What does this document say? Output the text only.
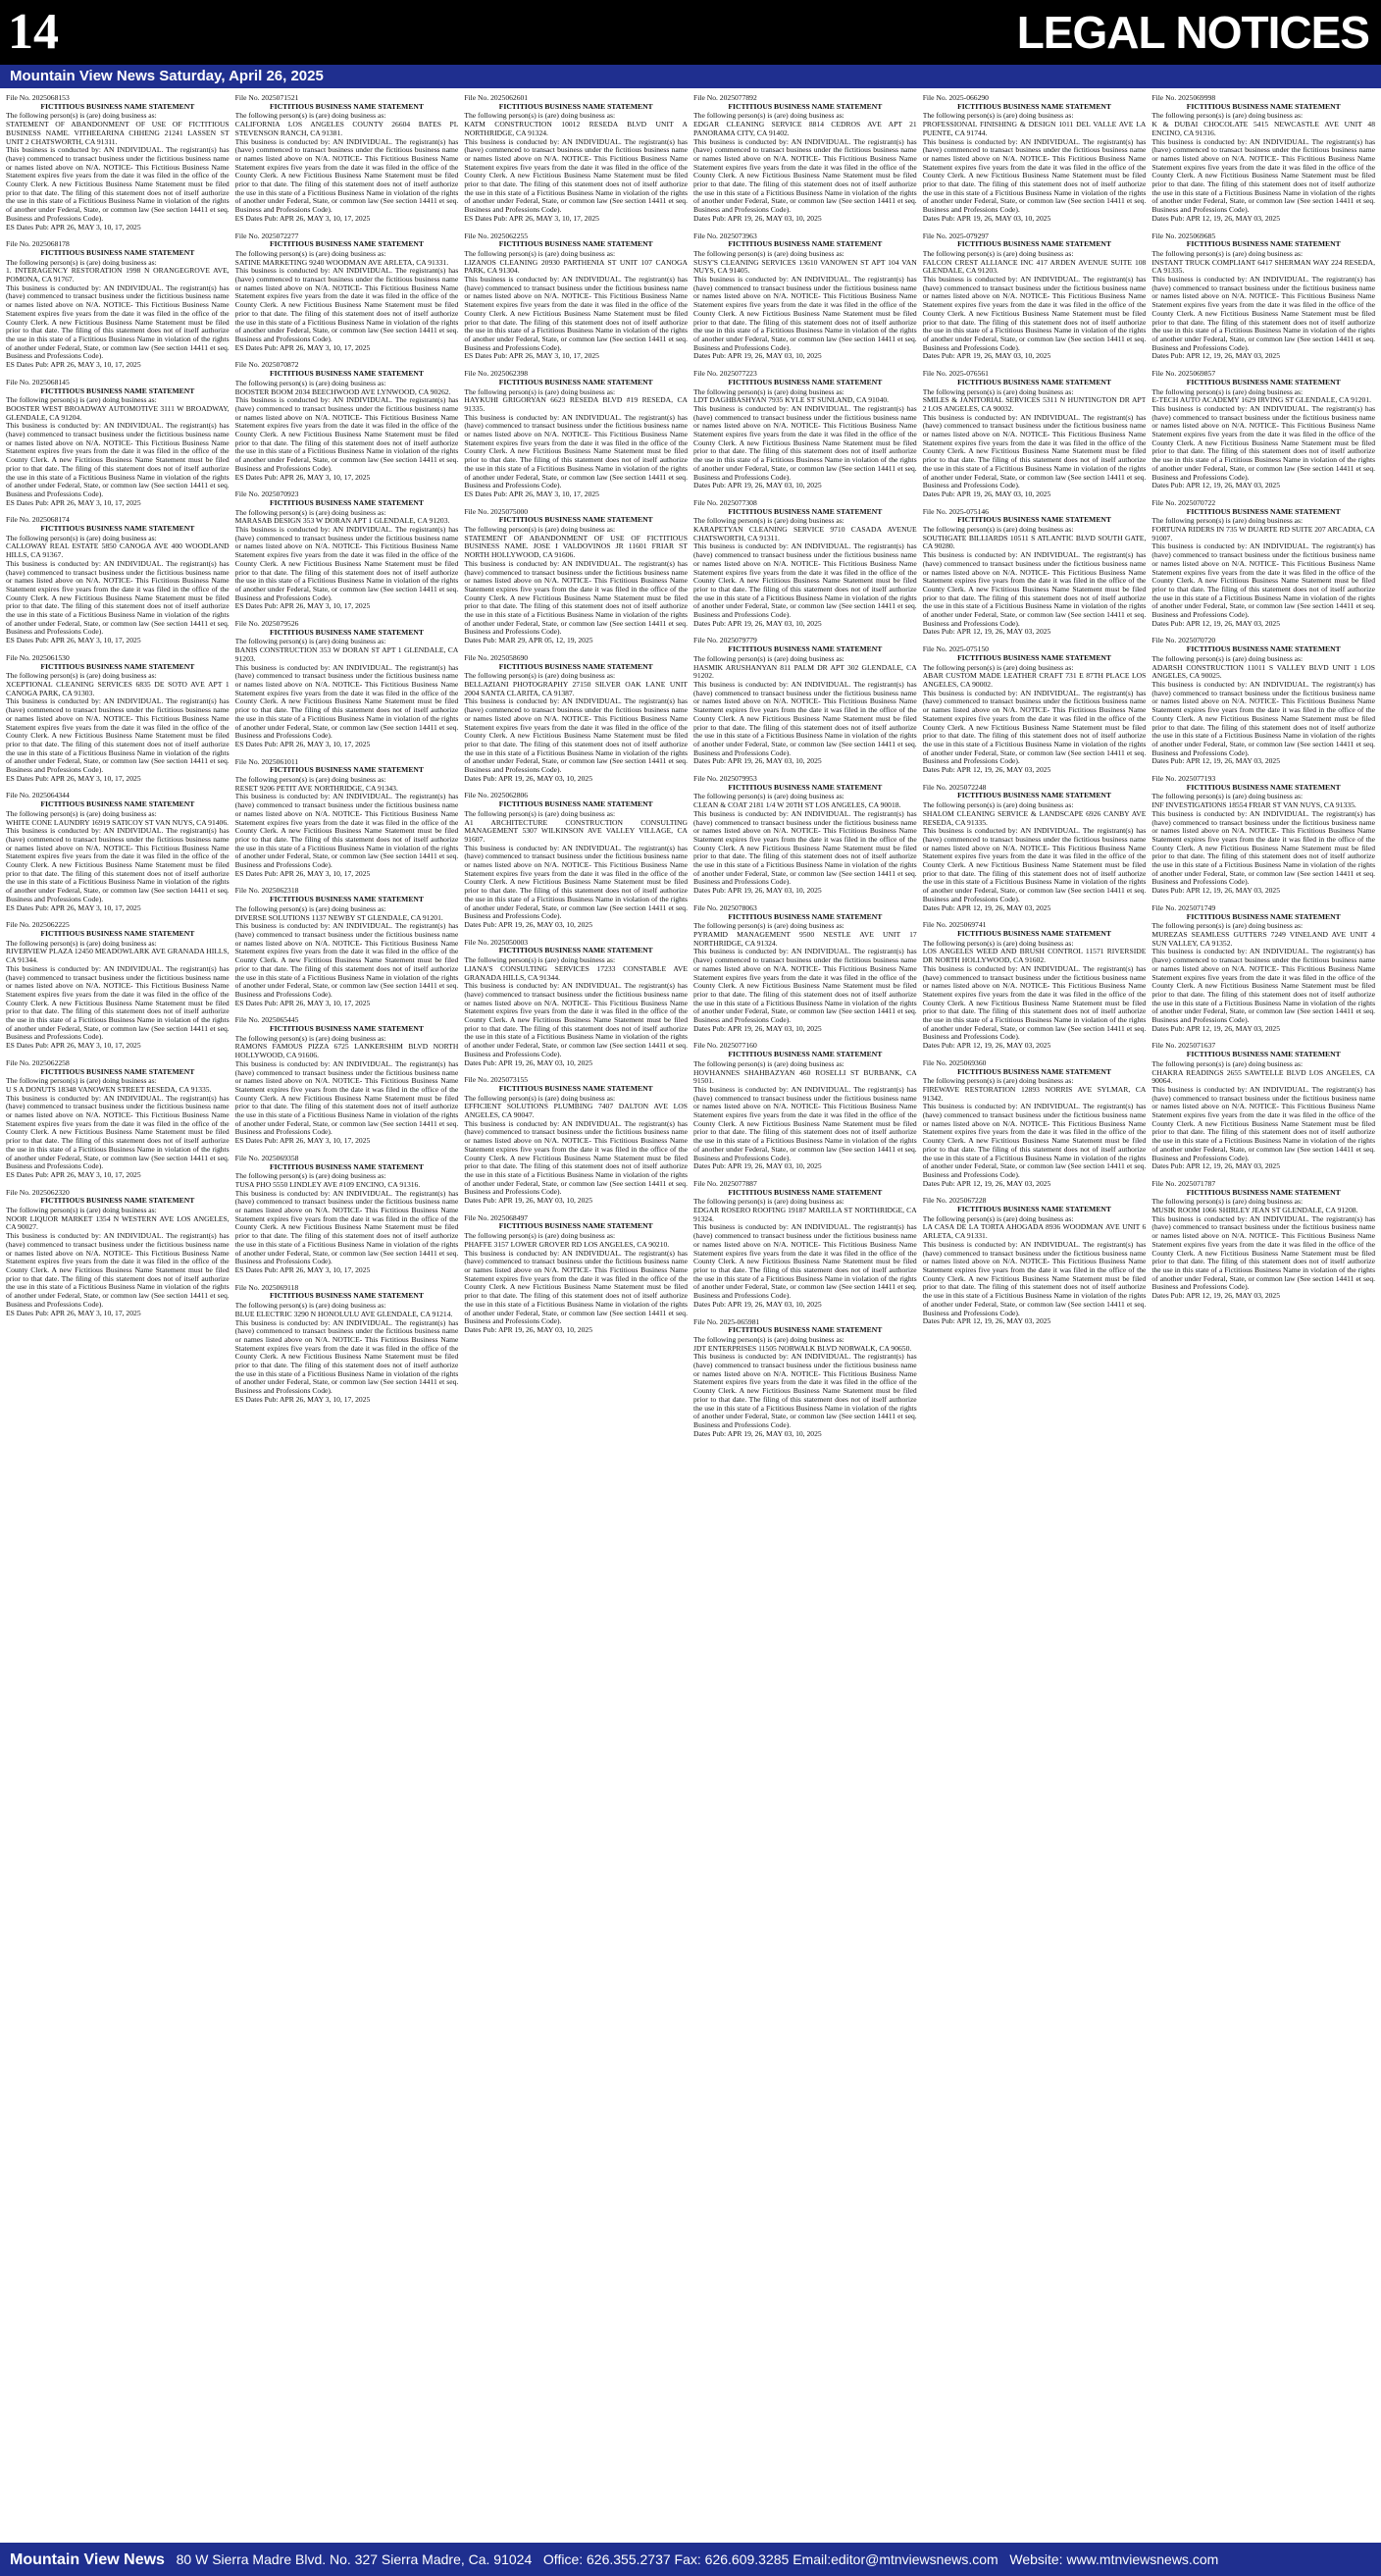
14	LEGAL NOTICES
Mountain View News Saturday, April 26, 2025

File No. 2025068153

FICTITIOUS BUSINESS NAME STATEMENT

The following person(s) is (are) doing business as:

STATEMENT OF ABANDONMENT OF USE OF FICTITIOUS BUSINESS NAME. VITHEEARINA CHHENG 21241 LASSEN ST UNIT 2 CHATSWORTH, CA 91311.

This business is conducted by: AN INDIVIDUAL. The registrant(s) has (have) commenced to transact business under the fictitious business name or names listed above on N/A. NOTICE- This Fictitious Business Name Statement expires five years from the date it was filed in the office of the County Clerk. A new Fictitious Business Name Statement must be filed prior to that date. The filing of this statement does not of itself authorize the use in this state of a Fictitious Business Name in violation of the rights of another under Federal, State, or common law (See section 14411 et seq. Business and Professions Code).

ES Dates Pub: APR 26, MAY 3, 10, 17, 2025

File No. 2025068178

FICTITIOUS BUSINESS NAME STATEMENT

The following person(s) is (are) doing business as:

1. INTERAGENCY RESTORATION 1998 N ORANGEGROVE AVE, POMONA, CA 91767.

This business is conducted by: AN INDIVIDUAL. The registrant(s) has (have) commenced to transact business under the fictitious business name or names listed above on N/A. NOTICE- This Fictitious Business Name Statement expires five years from the date it was filed in the office of the County Clerk. A new Fictitious Business Name Statement must be filed prior to that date. The filing of this statement does not of itself authorize the use in this state of a Fictitious Business Name in violation of the rights of another under Federal, State, or common law (See section 14411 et seq. Business and Professions Code).

ES Dates Pub: APR 26, MAY 3, 10, 17, 2025

File No. 2025068145

FICTITIOUS BUSINESS NAME STATEMENT

The following person(s) is (are) doing business as:

BOOSTER WEST BROADWAY AUTOMOTIVE 3111 W BROADWAY, GLENDALE, CA 91204.

This business is conducted by: AN INDIVIDUAL. The registrant(s) has (have) commenced to transact business under the fictitious business name or names listed above on N/A. NOTICE- This Fictitious Business Name Statement expires five years from the date it was filed in the office of the County Clerk. A new Fictitious Business Name Statement must be filed prior to that date. The filing of this statement does not of itself authorize the use in this state of a Fictitious Business Name in violation of the rights of another under Federal, State, or common law (See section 14411 et seq. Business and Professions Code).

ES Dates Pub: APR 26, MAY 3, 10, 17, 2025

File No. 2025068174

FICTITIOUS BUSINESS NAME STATEMENT

The following person(s) is (are) doing business as:

CALLOWAY REAL ESTATE 5850 CANOGA AVE 400 WOODLAND HILLS, CA 91367.

This business is conducted by: AN INDIVIDUAL. The registrant(s) has (have) commenced to transact business under the fictitious business name or names listed above on N/A. NOTICE- This Fictitious Business Name Statement expires five years from the date it was filed in the office of the County Clerk. A new Fictitious Business Name Statement must be filed prior to that date. The filing of this statement does not of itself authorize the use in this state of a Fictitious Business Name in violation of the rights of another under Federal, State, or common law (See section 14411 et seq. Business and Professions Code).

ES Dates Pub: APR 26, MAY 3, 10, 17, 2025

File No. 2025061530

FICTITIOUS BUSINESS NAME STATEMENT

The following person(s) is (are) doing business as:

XCEPTIONAL CLEANING SERVICES 6835 DE SOTO AVE APT 1 CANOGA PARK, CA 91303.

This business is conducted by: AN INDIVIDUAL. The registrant(s) has (have) commenced to transact business under the fictitious business name or names listed above on N/A. NOTICE- This Fictitious Business Name Statement expires five years from the date it was filed in the office of the County Clerk. A new Fictitious Business Name Statement must be filed prior to that date. The filing of this statement does not of itself authorize the use in this state of a Fictitious Business Name in violation of the rights of another under Federal, State, or common law (See section 14411 et seq. Business and Professions Code).

ES Dates Pub: APR 26, MAY 3, 10, 17, 2025

File No. 2025064344

FICTITIOUS BUSINESS NAME STATEMENT

The following person(s) is (are) doing business as:

WHITE CONE LAUNDRY 16919 SATICOY ST VAN NUYS, CA 91406.

This business is conducted by: AN INDIVIDUAL. The registrant(s) has (have) commenced to transact business under the fictitious business name or names listed above on N/A. NOTICE- This Fictitious Business Name Statement expires five years from the date it was filed in the office of the County Clerk. A new Fictitious Business Name Statement must be filed prior to that date. The filing of this statement does not of itself authorize the use in this state of a Fictitious Business Name in violation of the rights of another under Federal, State, or common law (See section 14411 et seq. Business and Professions Code).

ES Dates Pub: APR 26, MAY 3, 10, 17, 2025

File No. 2025062225

FICTITIOUS BUSINESS NAME STATEMENT

The following person(s) is (are) doing business as:

RIVERVIEW PLAZA 12450 MEADOWLARK AVE GRANADA HILLS, CA 91344.

This business is conducted by: AN INDIVIDUAL. The registrant(s) has (have) commenced to transact business under the fictitious business name or names listed above on N/A. NOTICE- This Fictitious Business Name Statement expires five years from the date it was filed in the office of the County Clerk. A new Fictitious Business Name Statement must be filed prior to that date. The filing of this statement does not of itself authorize the use in this state of a Fictitious Business Name in violation of the rights of another under Federal, State, or common law (See section 14411 et seq. Business and Professions Code).

ES Dates Pub: APR 26, MAY 3, 10, 17, 2025

File No. 2025062258

FICTITIOUS BUSINESS NAME STATEMENT

The following person(s) is (are) doing business as:

U S A DONUTS 18348 VANOWEN STREET RESEDA, CA 91335.

This business is conducted by: AN INDIVIDUAL. The registrant(s) has (have) commenced to transact business under the fictitious business name or names listed above on N/A. NOTICE- This Fictitious Business Name Statement expires five years from the date it was filed in the office of the County Clerk. A new Fictitious Business Name Statement must be filed prior to that date. The filing of this statement does not of itself authorize the use in this state of a Fictitious Business Name in violation of the rights of another under Federal, State, or common law (See section 14411 et seq. Business and Professions Code).

ES Dates Pub: APR 26, MAY 3, 10, 17, 2025

File No. 2025062320

FICTITIOUS BUSINESS NAME STATEMENT

The following person(s) is (are) doing business as:

NOOR LIQUOR MARKET 1354 N WESTERN AVE LOS ANGELES, CA 90027.

This business is conducted by: AN INDIVIDUAL. The registrant(s) has (have) commenced to transact business under the fictitious business name or names listed above on N/A. NOTICE- This Fictitious Business Name Statement expires five years from the date it was filed in the office of the County Clerk. A new Fictitious Business Name Statement must be filed prior to that date. The filing of this statement does not of itself authorize the use in this state of a Fictitious Business Name in violation of the rights of another under Federal, State, or common law (See section 14411 et seq. Business and Professions Code).

ES Dates Pub: APR 26, MAY 3, 10, 17, 2025

File No. 2025071521

FICTITIOUS BUSINESS NAME STATEMENT

The following person(s) is (are) doing business as:

CALIFORNIA LOS ANGELES COUNTY 26604 BATES PL STEVENSON RANCH, CA 91381.

This business is conducted by: AN INDIVIDUAL. The registrant(s) has (have) commenced to transact business under the fictitious business name or names listed above on N/A. NOTICE- This Fictitious Business Name Statement expires five years from the date it was filed in the office of the County Clerk. A new Fictitious Business Name Statement must be filed prior to that date. The filing of this statement does not of itself authorize the use in this state of a Fictitious Business Name in violation of the rights of another under Federal, State, or common law (See section 14411 et seq. Business and Professions Code).

ES Dates Pub: APR 26, MAY 3, 10, 17, 2025

File No. 2025072277

FICTITIOUS BUSINESS NAME STATEMENT

The following person(s) is (are) doing business as:

SATINE MARKETING 9240 WOODMAN AVE ARLETA, CA 91331.

This business is conducted by: AN INDIVIDUAL. The registrant(s) has (have) commenced to transact business under the fictitious business name or names listed above on N/A. NOTICE- This Fictitious Business Name Statement expires five years from the date it was filed in the office of the County Clerk. A new Fictitious Business Name Statement must be filed prior to that date. The filing of this statement does not of itself authorize the use in this state of a Fictitious Business Name in violation of the rights of another under Federal, State, or common law (See section 14411 et seq. Business and Professions Code).

ES Dates Pub: APR 26, MAY 3, 10, 17, 2025

File No. 2025070872

FICTITIOUS BUSINESS NAME STATEMENT

The following person(s) is (are) doing business as:

BOOSTER BOOM 2034 BEECHWOOD AVE LYNWOOD, CA 90262.

This business is conducted by: AN INDIVIDUAL. The registrant(s) has (have) commenced to transact business under the fictitious business name or names listed above on N/A. NOTICE- This Fictitious Business Name Statement expires five years from the date it was filed in the office of the County Clerk. A new Fictitious Business Name Statement must be filed prior to that date. The filing of this statement does not of itself authorize the use in this state of a Fictitious Business Name in violation of the rights of another under Federal, State, or common law (See section 14411 et seq. Business and Professions Code).

ES Dates Pub: APR 26, MAY 3, 10, 17, 2025

File No. 2025070923

FICTITIOUS BUSINESS NAME STATEMENT

The following person(s) is (are) doing business as:

MARASAB DESIGN 353 W DORAN APT 1 GLENDALE, CA 91203.

This business is conducted by: AN INDIVIDUAL. The registrant(s) has (have) commenced to transact business under the fictitious business name or names listed above on N/A. NOTICE- This Fictitious Business Name Statement expires five years from the date it was filed in the office of the County Clerk. A new Fictitious Business Name Statement must be filed prior to that date. The filing of this statement does not of itself authorize the use in this state of a Fictitious Business Name in violation of the rights of another under Federal, State, or common law (See section 14411 et seq. Business and Professions Code).

ES Dates Pub: APR 26, MAY 3, 10, 17, 2025

File No. 2025079526

FICTITIOUS BUSINESS NAME STATEMENT

The following person(s) is (are) doing business as:

BANIS CONSTRUCTION 353 W DORAN ST APT 1 GLENDALE, CA 91203.

This business is conducted by: AN INDIVIDUAL. The registrant(s) has (have) commenced to transact business under the fictitious business name or names listed above on N/A. NOTICE- This Fictitious Business Name Statement expires five years from the date it was filed in the office of the County Clerk. A new Fictitious Business Name Statement must be filed prior to that date. The filing of this statement does not of itself authorize the use in this state of a Fictitious Business Name in violation of the rights of another under Federal, State, or common law (See section 14411 et seq. Business and Professions Code).

ES Dates Pub: APR 26, MAY 3, 10, 17, 2025

File No. 2025061011

FICTITIOUS BUSINESS NAME STATEMENT

The following person(s) is (are) doing business as:

RESET 9206 PETIT AVE NORTHRIDGE, CA 91343.

This business is conducted by: AN INDIVIDUAL. The registrant(s) has (have) commenced to transact business under the fictitious business name or names listed above on N/A. NOTICE- This Fictitious Business Name Statement expires five years from the date it was filed in the office of the County Clerk. A new Fictitious Business Name Statement must be filed prior to that date. The filing of this statement does not of itself authorize the use in this state of a Fictitious Business Name in violation of the rights of another under Federal, State, or common law (See section 14411 et seq. Business and Professions Code).

ES Dates Pub: APR 26, MAY 3, 10, 17, 2025

File No. 2025062318

FICTITIOUS BUSINESS NAME STATEMENT

The following person(s) is (are) doing business as:

DIVERSE SOLUTIONS 1137 NEWBY ST GLENDALE, CA 91201.

This business is conducted by: AN INDIVIDUAL. The registrant(s) has (have) commenced to transact business under the fictitious business name or names listed above on N/A. NOTICE- This Fictitious Business Name Statement expires five years from the date it was filed in the office of the County Clerk. A new Fictitious Business Name Statement must be filed prior to that date. The filing of this statement does not of itself authorize the use in this state of a Fictitious Business Name in violation of the rights of another under Federal, State, or common law (See section 14411 et seq. Business and Professions Code).

ES Dates Pub: APR 26, MAY 3, 10, 17, 2025

File No. 2025065445

FICTITIOUS BUSINESS NAME STATEMENT

The following person(s) is (are) doing business as:

RAMONS FAMOUS PIZZA 6725 LANKERSHIM BLVD NORTH HOLLYWOOD, CA 91606.

This business is conducted by: AN INDIVIDUAL. The registrant(s) has (have) commenced to transact business under the fictitious business name or names listed above on N/A. NOTICE- This Fictitious Business Name Statement expires five years from the date it was filed in the office of the County Clerk. A new Fictitious Business Name Statement must be filed prior to that date. The filing of this statement does not of itself authorize the use in this state of a Fictitious Business Name in violation of the rights of another under Federal, State, or common law (See section 14411 et seq. Business and Professions Code).

ES Dates Pub: APR 26, MAY 3, 10, 17, 2025

File No. 2025069358

FICTITIOUS BUSINESS NAME STATEMENT

The following person(s) is (are) doing business as:

TUSA PHO 5550 LINDLEY AVE #109 ENCINO, CA 91316.

This business is conducted by: AN INDIVIDUAL. The registrant(s) has (have) commenced to transact business under the fictitious business name or names listed above on N/A. NOTICE- This Fictitious Business Name Statement expires five years from the date it was filed in the office of the County Clerk. A new Fictitious Business Name Statement must be filed prior to that date. The filing of this statement does not of itself authorize the use in this state of a Fictitious Business Name in violation of the rights of another under Federal, State, or common law (See section 14411 et seq. Business and Professions Code).

ES Dates Pub: APR 26, MAY 3, 10, 17, 2025

File No. 2025069118

FICTITIOUS BUSINESS NAME STATEMENT

The following person(s) is (are) doing business as:

BLUE ELECTRIC 3290 N HONOLULU AVE GLENDALE, CA 91214.

This business is conducted by: AN INDIVIDUAL. The registrant(s) has (have) commenced to transact business under the fictitious business name or names listed above on N/A. NOTICE- This Fictitious Business Name Statement expires five years from the date it was filed in the office of the County Clerk. A new Fictitious Business Name Statement must be filed prior to that date. The filing of this statement does not of itself authorize the use in this state of a Fictitious Business Name in violation of the rights of another under Federal, State, or common law (See section 14411 et seq. Business and Professions Code).

ES Dates Pub: APR 26, MAY 3, 10, 17, 2025

File No. 2025062601

FICTITIOUS BUSINESS NAME STATEMENT

The following person(s) is (are) doing business as:

KATM CONSTRUCTION 10012 RESEDA BLVD UNIT A NORTHRIDGE, CA 91324.

This business is conducted by: AN INDIVIDUAL. The registrant(s) has (have) commenced to transact business under the fictitious business name or names listed above on N/A. NOTICE- This Fictitious Business Name Statement expires five years from the date it was filed in the office of the County Clerk. A new Fictitious Business Name Statement must be filed prior to that date. The filing of this statement does not of itself authorize the use in this state of a Fictitious Business Name in violation of the rights of another under Federal, State, or common law (See section 14411 et seq. Business and Professions Code).

ES Dates Pub: APR 26, MAY 3, 10, 17, 2025

File No. 2025062255

FICTITIOUS BUSINESS NAME STATEMENT

The following person(s) is (are) doing business as:

LIZANOS CLEANING 20930 PARTHENIA ST UNIT 107 CANOGA PARK, CA 91304.

This business is conducted by: AN INDIVIDUAL. The registrant(s) has (have) commenced to transact business under the fictitious business name or names listed above on N/A. NOTICE- This Fictitious Business Name Statement expires five years from the date it was filed in the office of the County Clerk. A new Fictitious Business Name Statement must be filed prior to that date. The filing of this statement does not of itself authorize the use in this state of a Fictitious Business Name in violation of the rights of another under Federal, State, or common law (See section 14411 et seq. Business and Professions Code).

ES Dates Pub: APR 26, MAY 3, 10, 17, 2025

File No. 2025062398

FICTITIOUS BUSINESS NAME STATEMENT

The following person(s) is (are) doing business as:

HAYKUHI GRIGORYAN 6623 RESEDA BLVD #19 RESEDA, CA 91335.

This business is conducted by: AN INDIVIDUAL. The registrant(s) has (have) commenced to transact business under the fictitious business name or names listed above on N/A. NOTICE- This Fictitious Business Name Statement expires five years from the date it was filed in the office of the County Clerk. A new Fictitious Business Name Statement must be filed prior to that date. The filing of this statement does not of itself authorize the use in this state of a Fictitious Business Name in violation of the rights of another under Federal, State, or common law (See section 14411 et seq. Business and Professions Code).

ES Dates Pub: APR 26, MAY 3, 10, 17, 2025

File No. 2025075000

FICTITIOUS BUSINESS NAME STATEMENT

The following person(s) is (are) doing business as:

STATEMENT OF ABANDONMENT OF USE OF FICTITIOUS BUSINESS NAME. JOSE I VALDOVINOS JR 11601 FRIAR ST NORTH HOLLYWOOD, CA 91606.

This business is conducted by: AN INDIVIDUAL. The registrant(s) has (have) commenced to transact business under the fictitious business name or names listed above on N/A. NOTICE- This Fictitious Business Name Statement expires five years from the date it was filed in the office of the County Clerk. A new Fictitious Business Name Statement must be filed prior to that date. The filing of this statement does not of itself authorize the use in this state of a Fictitious Business Name in violation of the rights of another under Federal, State, or common law (See section 14411 et seq. Business and Professions Code).

Dates Pub: MAR 29, APR 05, 12, 19, 2025

File No. 2025058690

FICTITIOUS BUSINESS NAME STATEMENT

The following person(s) is (are) doing business as:

BELLAZIANI PHOTOGRAPHY 27150 SILVER OAK LANE UNIT 2004 SANTA CLARITA, CA 91387.

This business is conducted by: AN INDIVIDUAL. The registrant(s) has (have) commenced to transact business under the fictitious business name or names listed above on N/A. NOTICE- This Fictitious Business Name Statement expires five years from the date it was filed in the office of the County Clerk. A new Fictitious Business Name Statement must be filed prior to that date. The filing of this statement does not of itself authorize the use in this state of a Fictitious Business Name in violation of the rights of another under Federal, State, or common law (See section 14411 et seq. Business and Professions Code).

Dates Pub: APR 19, 26, MAY 03, 10, 2025

File No. 2025062806

FICTITIOUS BUSINESS NAME STATEMENT

The following person(s) is (are) doing business as:

A1 ARCHITECTURE CONSTRUCTION CONSULTING MANAGEMENT 5307 WILKINSON AVE VALLEY VILLAGE, CA 91607.

This business is conducted by: AN INDIVIDUAL. The registrant(s) has (have) commenced to transact business under the fictitious business name or names listed above on N/A. NOTICE- This Fictitious Business Name Statement expires five years from the date it was filed in the office of the County Clerk. A new Fictitious Business Name Statement must be filed prior to that date. The filing of this statement does not of itself authorize the use in this state of a Fictitious Business Name in violation of the rights of another under Federal, State, or common law (See section 14411 et seq. Business and Professions Code).

Dates Pub: APR 19, 26, MAY 03, 10, 2025

File No. 2025050003

FICTITIOUS BUSINESS NAME STATEMENT

The following person(s) is (are) doing business as:

LIANA'S CONSULTING SERVICES 17233 CONSTABLE AVE GRANADA HILLS, CA 91344.

This business is conducted by: AN INDIVIDUAL. The registrant(s) has (have) commenced to transact business under the fictitious business name or names listed above on N/A. NOTICE- This Fictitious Business Name Statement expires five years from the date it was filed in the office of the County Clerk. A new Fictitious Business Name Statement must be filed prior to that date. The filing of this statement does not of itself authorize the use in this state of a Fictitious Business Name in violation of the rights of another under Federal, State, or common law (See section 14411 et seq. Business and Professions Code).

Dates Pub: APR 19, 26, MAY 03, 10, 2025

File No. 2025073155

FICTITIOUS BUSINESS NAME STATEMENT

The following person(s) is (are) doing business as:

EFFICIENT SOLUTIONS PLUMBING 7407 DALTON AVE LOS ANGELES, CA 90047.

This business is conducted by: AN INDIVIDUAL. The registrant(s) has (have) commenced to transact business under the fictitious business name or names listed above on N/A. NOTICE- This Fictitious Business Name Statement expires five years from the date it was filed in the office of the County Clerk. A new Fictitious Business Name Statement must be filed prior to that date. The filing of this statement does not of itself authorize the use in this state of a Fictitious Business Name in violation of the rights of another under Federal, State, or common law (See section 14411 et seq. Business and Professions Code).

Dates Pub: APR 19, 26, MAY 03, 10, 2025

File No. 2025068497

FICTITIOUS BUSINESS NAME STATEMENT

The following person(s) is (are) doing business as:

PHAFFE 3157 LOWER GROVER RD LOS ANGELES, CA 90210.

This business is conducted by: AN INDIVIDUAL. The registrant(s) has (have) commenced to transact business under the fictitious business name or names listed above on N/A. NOTICE- This Fictitious Business Name Statement expires five years from the date it was filed in the office of the County Clerk. A new Fictitious Business Name Statement must be filed prior to that date. The filing of this statement does not of itself authorize the use in this state of a Fictitious Business Name in violation of the rights of another under Federal, State, or common law (See section 14411 et seq. Business and Professions Code).

Dates Pub: APR 19, 26, MAY 03, 10, 2025

File No. 2025077892

FICTITIOUS BUSINESS NAME STATEMENT

The following person(s) is (are) doing business as:

EDGAR CLEANING SERVICE 8814 CEDROS AVE APT 21 PANORAMA CITY, CA 91402.

This business is conducted by: AN INDIVIDUAL. The registrant(s) has (have) commenced to transact business under the fictitious business name or names listed above on N/A. NOTICE- This Fictitious Business Name Statement expires five years from the date it was filed in the office of the County Clerk. A new Fictitious Business Name Statement must be filed prior to that date. The filing of this statement does not of itself authorize the use in this state of a Fictitious Business Name in violation of the rights of another under Federal, State, or common law (See section 14411 et seq. Business and Professions Code).

Dates Pub: APR 19, 26, MAY 03, 10, 2025

File No. 2025073963

FICTITIOUS BUSINESS NAME STATEMENT

The following person(s) is (are) doing business as:

SUSY'S CLEANING SERVICES 13610 VANOWEN ST APT 104 VAN NUYS, CA 91405.

This business is conducted by: AN INDIVIDUAL. The registrant(s) has (have) commenced to transact business under the fictitious business name or names listed above on N/A. NOTICE- This Fictitious Business Name Statement expires five years from the date it was filed in the office of the County Clerk. A new Fictitious Business Name Statement must be filed prior to that date. The filing of this statement does not of itself authorize the use in this state of a Fictitious Business Name in violation of the rights of another under Federal, State, or common law (See section 14411 et seq. Business and Professions Code).

Dates Pub: APR 19, 26, MAY 03, 10, 2025

File No. 2025077223

FICTITIOUS BUSINESS NAME STATEMENT

The following person(s) is (are) doing business as:

LDT DAGHBASHYAN 7935 KYLE ST SUNLAND, CA 91040.

This business is conducted by: AN INDIVIDUAL. The registrant(s) has (have) commenced to transact business under the fictitious business name or names listed above on N/A. NOTICE- This Fictitious Business Name Statement expires five years from the date it was filed in the office of the County Clerk. A new Fictitious Business Name Statement must be filed prior to that date. The filing of this statement does not of itself authorize the use in this state of a Fictitious Business Name in violation of the rights of another under Federal, State, or common law (See section 14411 et seq. Business and Professions Code).

Dates Pub: APR 19, 26, MAY 03, 10, 2025

File No. 2025077308

FICTITIOUS BUSINESS NAME STATEMENT

The following person(s) is (are) doing business as:

KARAPETYAN CLEANING SERVICE 9710 CASADA AVENUE CHATSWORTH, CA 91311.

This business is conducted by: AN INDIVIDUAL. The registrant(s) has (have) commenced to transact business under the fictitious business name or names listed above on N/A. NOTICE- This Fictitious Business Name Statement expires five years from the date it was filed in the office of the County Clerk. A new Fictitious Business Name Statement must be filed prior to that date. The filing of this statement does not of itself authorize the use in this state of a Fictitious Business Name in violation of the rights of another under Federal, State, or common law (See section 14411 et seq. Business and Professions Code).

Dates Pub: APR 19, 26, MAY 03, 10, 2025

File No. 2025079779

FICTITIOUS BUSINESS NAME STATEMENT

The following person(s) is (are) doing business as:

HASMIK ARUSHANYAN 811 PALM DR APT 302 GLENDALE, CA 91202.

This business is conducted by: AN INDIVIDUAL. The registrant(s) has (have) commenced to transact business under the fictitious business name or names listed above on N/A. NOTICE- This Fictitious Business Name Statement expires five years from the date it was filed in the office of the County Clerk. A new Fictitious Business Name Statement must be filed prior to that date. The filing of this statement does not of itself authorize the use in this state of a Fictitious Business Name in violation of the rights of another under Federal, State, or common law (See section 14411 et seq. Business and Professions Code).

Dates Pub: APR 19, 26, MAY 03, 10, 2025

File No. 2025079953

FICTITIOUS BUSINESS NAME STATEMENT

The following person(s) is (are) doing business as:

CLEAN & COAT 2181 1/4 W 20TH ST LOS ANGELES, CA 90018.

This business is conducted by: AN INDIVIDUAL. The registrant(s) has (have) commenced to transact business under the fictitious business name or names listed above on N/A. NOTICE- This Fictitious Business Name Statement expires five years from the date it was filed in the office of the County Clerk. A new Fictitious Business Name Statement must be filed prior to that date. The filing of this statement does not of itself authorize the use in this state of a Fictitious Business Name in violation of the rights of another under Federal, State, or common law (See section 14411 et seq. Business and Professions Code).

Dates Pub: APR 19, 26, MAY 03, 10, 2025

File No. 2025078063

FICTITIOUS BUSINESS NAME STATEMENT

The following person(s) is (are) doing business as:

PYRAMID MANAGEMENT 9500 NESTLE AVE UNIT 17 NORTHRIDGE, CA 91324.

This business is conducted by: AN INDIVIDUAL. The registrant(s) has (have) commenced to transact business under the fictitious business name or names listed above on N/A. NOTICE- This Fictitious Business Name Statement expires five years from the date it was filed in the office of the County Clerk. A new Fictitious Business Name Statement must be filed prior to that date. The filing of this statement does not of itself authorize the use in this state of a Fictitious Business Name in violation of the rights of another under Federal, State, or common law (See section 14411 et seq. Business and Professions Code).

Dates Pub: APR 19, 26, MAY 03, 10, 2025

File No. 2025077160

FICTITIOUS BUSINESS NAME STATEMENT

The following person(s) is (are) doing business as:

HOVHANNES SHAHBAZYAN 460 ROSELLI ST BURBANK, CA 91501.

This business is conducted by: AN INDIVIDUAL. The registrant(s) has (have) commenced to transact business under the fictitious business name or names listed above on N/A. NOTICE- This Fictitious Business Name Statement expires five years from the date it was filed in the office of the County Clerk. A new Fictitious Business Name Statement must be filed prior to that date. The filing of this statement does not of itself authorize the use in this state of a Fictitious Business Name in violation of the rights of another under Federal, State, or common law (See section 14411 et seq. Business and Professions Code).

Dates Pub: APR 19, 26, MAY 03, 10, 2025

File No. 2025077887

FICTITIOUS BUSINESS NAME STATEMENT

The following person(s) is (are) doing business as:

EDGAR ROSERO ROOFING 19187 MARILLA ST NORTHRIDGE, CA 91324.

This business is conducted by: AN INDIVIDUAL. The registrant(s) has (have) commenced to transact business under the fictitious business name or names listed above on N/A. NOTICE- This Fictitious Business Name Statement expires five years from the date it was filed in the office of the County Clerk. A new Fictitious Business Name Statement must be filed prior to that date. The filing of this statement does not of itself authorize the use in this state of a Fictitious Business Name in violation of the rights of another under Federal, State, or common law (See section 14411 et seq. Business and Professions Code).

Dates Pub: APR 19, 26, MAY 03, 10, 2025

File No. 2025-065981

FICTITIOUS BUSINESS NAME STATEMENT

The following person(s) is (are) doing business as:

JDT ENTERPRISES 11505 NORWALK BLVD NORWALK, CA 90650.

This business is conducted by: AN INDIVIDUAL. The registrant(s) has (have) commenced to transact business under the fictitious business name or names listed above on N/A. NOTICE- This Fictitious Business Name Statement expires five years from the date it was filed in the office of the County Clerk. A new Fictitious Business Name Statement must be filed prior to that date. The filing of this statement does not of itself authorize the use in this state of a Fictitious Business Name in violation of the rights of another under Federal, State, or common law (See section 14411 et seq. Business and Professions Code).

Dates Pub: APR 19, 26, MAY 03, 10, 2025

File No. 2025-066290

FICTITIOUS BUSINESS NAME STATEMENT

The following person(s) is (are) doing business as:

PROFESSIONAL FINISHING & DESIGN 1011 DEL VALLE AVE LA PUENTE, CA 91744.

This business is conducted by: AN INDIVIDUAL. The registrant(s) has (have) commenced to transact business under the fictitious business name or names listed above on N/A. NOTICE- This Fictitious Business Name Statement expires five years from the date it was filed in the office of the County Clerk. A new Fictitious Business Name Statement must be filed prior to that date. The filing of this statement does not of itself authorize the use in this state of a Fictitious Business Name in violation of the rights of another under Federal, State, or common law (See section 14411 et seq. Business and Professions Code).

Dates Pub: APR 19, 26, MAY 03, 10, 2025

File No. 2025-079297

FICTITIOUS BUSINESS NAME STATEMENT

The following person(s) is (are) doing business as:

FALCON CREST ALLIANCE INC 417 ARDEN AVENUE SUITE 108 GLENDALE, CA 91203.

This business is conducted by: AN INDIVIDUAL. The registrant(s) has (have) commenced to transact business under the fictitious business name or names listed above on N/A. NOTICE- This Fictitious Business Name Statement expires five years from the date it was filed in the office of the County Clerk. A new Fictitious Business Name Statement must be filed prior to that date. The filing of this statement does not of itself authorize the use in this state of a Fictitious Business Name in violation of the rights of another under Federal, State, or common law (See section 14411 et seq. Business and Professions Code).

Dates Pub: APR 19, 26, MAY 03, 10, 2025

File No. 2025-076561

FICTITIOUS BUSINESS NAME STATEMENT

The following person(s) is (are) doing business as:

SMILES & JANITORIAL SERVICES 5311 N HUNTINGTON DR APT 2 LOS ANGELES, CA 90032.

This business is conducted by: AN INDIVIDUAL. The registrant(s) has (have) commenced to transact business under the fictitious business name or names listed above on N/A. NOTICE- This Fictitious Business Name Statement expires five years from the date it was filed in the office of the County Clerk. A new Fictitious Business Name Statement must be filed prior to that date. The filing of this statement does not of itself authorize the use in this state of a Fictitious Business Name in violation of the rights of another under Federal, State, or common law (See section 14411 et seq. Business and Professions Code).

Dates Pub: APR 19, 26, MAY 03, 10, 2025

File No. 2025-075146

FICTITIOUS BUSINESS NAME STATEMENT

The following person(s) is (are) doing business as:

SOUTHGATE BILLIARDS 10511 S ATLANTIC BLVD SOUTH GATE, CA 90280.

This business is conducted by: AN INDIVIDUAL. The registrant(s) has (have) commenced to transact business under the fictitious business name or names listed above on N/A. NOTICE- This Fictitious Business Name Statement expires five years from the date it was filed in the office of the County Clerk. A new Fictitious Business Name Statement must be filed prior to that date. The filing of this statement does not of itself authorize the use in this state of a Fictitious Business Name in violation of the rights of another under Federal, State, or common law (See section 14411 et seq. Business and Professions Code).

Dates Pub: APR 12, 19, 26, MAY 03, 2025

File No. 2025-075150

FICTITIOUS BUSINESS NAME STATEMENT

The following person(s) is (are) doing business as:

ABAR CUSTOM MADE LEATHER CRAFT 731 E 87TH PLACE LOS ANGELES, CA 90002.

This business is conducted by: AN INDIVIDUAL. The registrant(s) has (have) commenced to transact business under the fictitious business name or names listed above on N/A. NOTICE- This Fictitious Business Name Statement expires five years from the date it was filed in the office of the County Clerk. A new Fictitious Business Name Statement must be filed prior to that date. The filing of this statement does not of itself authorize the use in this state of a Fictitious Business Name in violation of the rights of another under Federal, State, or common law (See section 14411 et seq. Business and Professions Code).

Dates Pub: APR 12, 19, 26, MAY 03, 2025

File No. 2025072248

FICTITIOUS BUSINESS NAME STATEMENT

The following person(s) is (are) doing business as:

SHALOM CLEANING SERVICE & LANDSCAPE 6926 CANBY AVE RESEDA, CA 91335.

This business is conducted by: AN INDIVIDUAL. The registrant(s) has (have) commenced to transact business under the fictitious business name or names listed above on N/A. NOTICE- This Fictitious Business Name Statement expires five years from the date it was filed in the office of the County Clerk. A new Fictitious Business Name Statement must be filed prior to that date. The filing of this statement does not of itself authorize the use in this state of a Fictitious Business Name in violation of the rights of another under Federal, State, or common law (See section 14411 et seq. Business and Professions Code).

Dates Pub: APR 12, 19, 26, MAY 03, 2025

File No. 2025069741

FICTITIOUS BUSINESS NAME STATEMENT

The following person(s) is (are) doing business as:

LOS ANGELES WEED AND BRUSH CONTROL 11571 RIVERSIDE DR NORTH HOLLYWOOD, CA 91602.

This business is conducted by: AN INDIVIDUAL. The registrant(s) has (have) commenced to transact business under the fictitious business name or names listed above on N/A. NOTICE- This Fictitious Business Name Statement expires five years from the date it was filed in the office of the County Clerk. A new Fictitious Business Name Statement must be filed prior to that date. The filing of this statement does not of itself authorize the use in this state of a Fictitious Business Name in violation of the rights of another under Federal, State, or common law (See section 14411 et seq. Business and Professions Code).

Dates Pub: APR 12, 19, 26, MAY 03, 2025

File No. 2025069360

FICTITIOUS BUSINESS NAME STATEMENT

The following person(s) is (are) doing business as:

FIREWAVE RESTORATION 12893 NORRIS AVE SYLMAR, CA 91342.

This business is conducted by: AN INDIVIDUAL. The registrant(s) has (have) commenced to transact business under the fictitious business name or names listed above on N/A. NOTICE- This Fictitious Business Name Statement expires five years from the date it was filed in the office of the County Clerk. A new Fictitious Business Name Statement must be filed prior to that date. The filing of this statement does not of itself authorize the use in this state of a Fictitious Business Name in violation of the rights of another under Federal, State, or common law (See section 14411 et seq. Business and Professions Code).

Dates Pub: APR 12, 19, 26, MAY 03, 2025

File No. 2025067228

FICTITIOUS BUSINESS NAME STATEMENT

The following person(s) is (are) doing business as:

LA CASA DE LA TORTA AHOGADA 8936 WOODMAN AVE UNIT 6 ARLETA, CA 91331.

This business is conducted by: AN INDIVIDUAL. The registrant(s) has (have) commenced to transact business under the fictitious business name or names listed above on N/A. NOTICE- This Fictitious Business Name Statement expires five years from the date it was filed in the office of the County Clerk. A new Fictitious Business Name Statement must be filed prior to that date. The filing of this statement does not of itself authorize the use in this state of a Fictitious Business Name in violation of the rights of another under Federal, State, or common law (See section 14411 et seq. Business and Professions Code).

Dates Pub: APR 12, 19, 26, MAY 03, 2025

File No. 2025069998

FICTITIOUS BUSINESS NAME STATEMENT

The following person(s) is (are) doing business as:

K & DUBAI CHOCOLATE 5415 NEWCASTLE AVE UNIT 48 ENCINO, CA 91316.

This business is conducted by: AN INDIVIDUAL. The registrant(s) has (have) commenced to transact business under the fictitious business name or names listed above on N/A. NOTICE- This Fictitious Business Name Statement expires five years from the date it was filed in the office of the County Clerk. A new Fictitious Business Name Statement must be filed prior to that date. The filing of this statement does not of itself authorize the use in this state of a Fictitious Business Name in violation of the rights of another under Federal, State, or common law (See section 14411 et seq. Business and Professions Code).

Dates Pub: APR 12, 19, 26, MAY 03, 2025

File No. 2025069685

FICTITIOUS BUSINESS NAME STATEMENT

The following person(s) is (are) doing business as:

INSTANT TRUCK COMPLIANT 6417 SHERMAN WAY 224 RESEDA, CA 91335.

This business is conducted by: AN INDIVIDUAL. The registrant(s) has (have) commenced to transact business under the fictitious business name or names listed above on N/A. NOTICE- This Fictitious Business Name Statement expires five years from the date it was filed in the office of the County Clerk. A new Fictitious Business Name Statement must be filed prior to that date. The filing of this statement does not of itself authorize the use in this state of a Fictitious Business Name in violation of the rights of another under Federal, State, or common law (See section 14411 et seq. Business and Professions Code).

Dates Pub: APR 12, 19, 26, MAY 03, 2025

File No. 2025069857

FICTITIOUS BUSINESS NAME STATEMENT

The following person(s) is (are) doing business as:

E-TECH AUTO ACADEMY 1629 IRVING ST GLENDALE, CA 91201.

This business is conducted by: AN INDIVIDUAL. The registrant(s) has (have) commenced to transact business under the fictitious business name or names listed above on N/A. NOTICE- This Fictitious Business Name Statement expires five years from the date it was filed in the office of the County Clerk. A new Fictitious Business Name Statement must be filed prior to that date. The filing of this statement does not of itself authorize the use in this state of a Fictitious Business Name in violation of the rights of another under Federal, State, or common law (See section 14411 et seq. Business and Professions Code).

Dates Pub: APR 12, 19, 26, MAY 03, 2025

File No. 2025070722

FICTITIOUS BUSINESS NAME STATEMENT

The following person(s) is (are) doing business as:

FORTUNA RIDERS IN 735 W DUARTE RD SUITE 207 ARCADIA, CA 91007.

This business is conducted by: AN INDIVIDUAL. The registrant(s) has (have) commenced to transact business under the fictitious business name or names listed above on N/A. NOTICE- This Fictitious Business Name Statement expires five years from the date it was filed in the office of the County Clerk. A new Fictitious Business Name Statement must be filed prior to that date. The filing of this statement does not of itself authorize the use in this state of a Fictitious Business Name in violation of the rights of another under Federal, State, or common law (See section 14411 et seq. Business and Professions Code).

Dates Pub: APR 12, 19, 26, MAY 03, 2025

File No. 2025070720

FICTITIOUS BUSINESS NAME STATEMENT

The following person(s) is (are) doing business as:

ADARSH CONSTRUCTION 11011 S VALLEY BLVD UNIT 1 LOS ANGELES, CA 90025.

This business is conducted by: AN INDIVIDUAL. The registrant(s) has (have) commenced to transact business under the fictitious business name or names listed above on N/A. NOTICE- This Fictitious Business Name Statement expires five years from the date it was filed in the office of the County Clerk. A new Fictitious Business Name Statement must be filed prior to that date. The filing of this statement does not of itself authorize the use in this state of a Fictitious Business Name in violation of the rights of another under Federal, State, or common law (See section 14411 et seq. Business and Professions Code).

Dates Pub: APR 12, 19, 26, MAY 03, 2025

File No. 2025077193

FICTITIOUS BUSINESS NAME STATEMENT

The following person(s) is (are) doing business as:

INF INVESTIGATIONS 18554 FRIAR ST VAN NUYS, CA 91335.

This business is conducted by: AN INDIVIDUAL. The registrant(s) has (have) commenced to transact business under the fictitious business name or names listed above on N/A. NOTICE- This Fictitious Business Name Statement expires five years from the date it was filed in the office of the County Clerk. A new Fictitious Business Name Statement must be filed prior to that date. The filing of this statement does not of itself authorize the use in this state of a Fictitious Business Name in violation of the rights of another under Federal, State, or common law (See section 14411 et seq. Business and Professions Code).

Dates Pub: APR 12, 19, 26, MAY 03, 2025

File No. 2025071749

FICTITIOUS BUSINESS NAME STATEMENT

The following person(s) is (are) doing business as:

MUREZAS SEAMLESS GUTTERS 7249 VINELAND AVE UNIT 4 SUN VALLEY, CA 91352.

This business is conducted by: AN INDIVIDUAL. The registrant(s) has (have) commenced to transact business under the fictitious business name or names listed above on N/A. NOTICE- This Fictitious Business Name Statement expires five years from the date it was filed in the office of the County Clerk. A new Fictitious Business Name Statement must be filed prior to that date. The filing of this statement does not of itself authorize the use in this state of a Fictitious Business Name in violation of the rights of another under Federal, State, or common law (See section 14411 et seq. Business and Professions Code).

Dates Pub: APR 12, 19, 26, MAY 03, 2025

File No. 2025071637

FICTITIOUS BUSINESS NAME STATEMENT

The following person(s) is (are) doing business as:

CHAKRA READINGS 2655 SAWTELLE BLVD LOS ANGELES, CA 90064.

This business is conducted by: AN INDIVIDUAL. The registrant(s) has (have) commenced to transact business under the fictitious business name or names listed above on N/A. NOTICE- This Fictitious Business Name Statement expires five years from the date it was filed in the office of the County Clerk. A new Fictitious Business Name Statement must be filed prior to that date. The filing of this statement does not of itself authorize the use in this state of a Fictitious Business Name in violation of the rights of another under Federal, State, or common law (See section 14411 et seq. Business and Professions Code).

Dates Pub: APR 12, 19, 26, MAY 03, 2025

File No. 2025071787

FICTITIOUS BUSINESS NAME STATEMENT

The following person(s) is (are) doing business as:

MUSIK ROOM 1066 SHIRLEY JEAN ST GLENDALE, CA 91208.

This business is conducted by: AN INDIVIDUAL. The registrant(s) has (have) commenced to transact business under the fictitious business name or names listed above on N/A. NOTICE- This Fictitious Business Name Statement expires five years from the date it was filed in the office of the County Clerk. A new Fictitious Business Name Statement must be filed prior to that date. The filing of this statement does not of itself authorize the use in this state of a Fictitious Business Name in violation of the rights of another under Federal, State, or common law (See section 14411 et seq. Business and Professions Code).

Dates Pub: APR 12, 19, 26, MAY 03, 2025

Mountain View News 80 W Sierra Madre Blvd. No. 327 Sierra Madre, Ca. 91024 Office: 626.355.2737 Fax: 626.609.3285 Email:editor@mtnviewsnews.com Website: www.mtnviewsnews.com
